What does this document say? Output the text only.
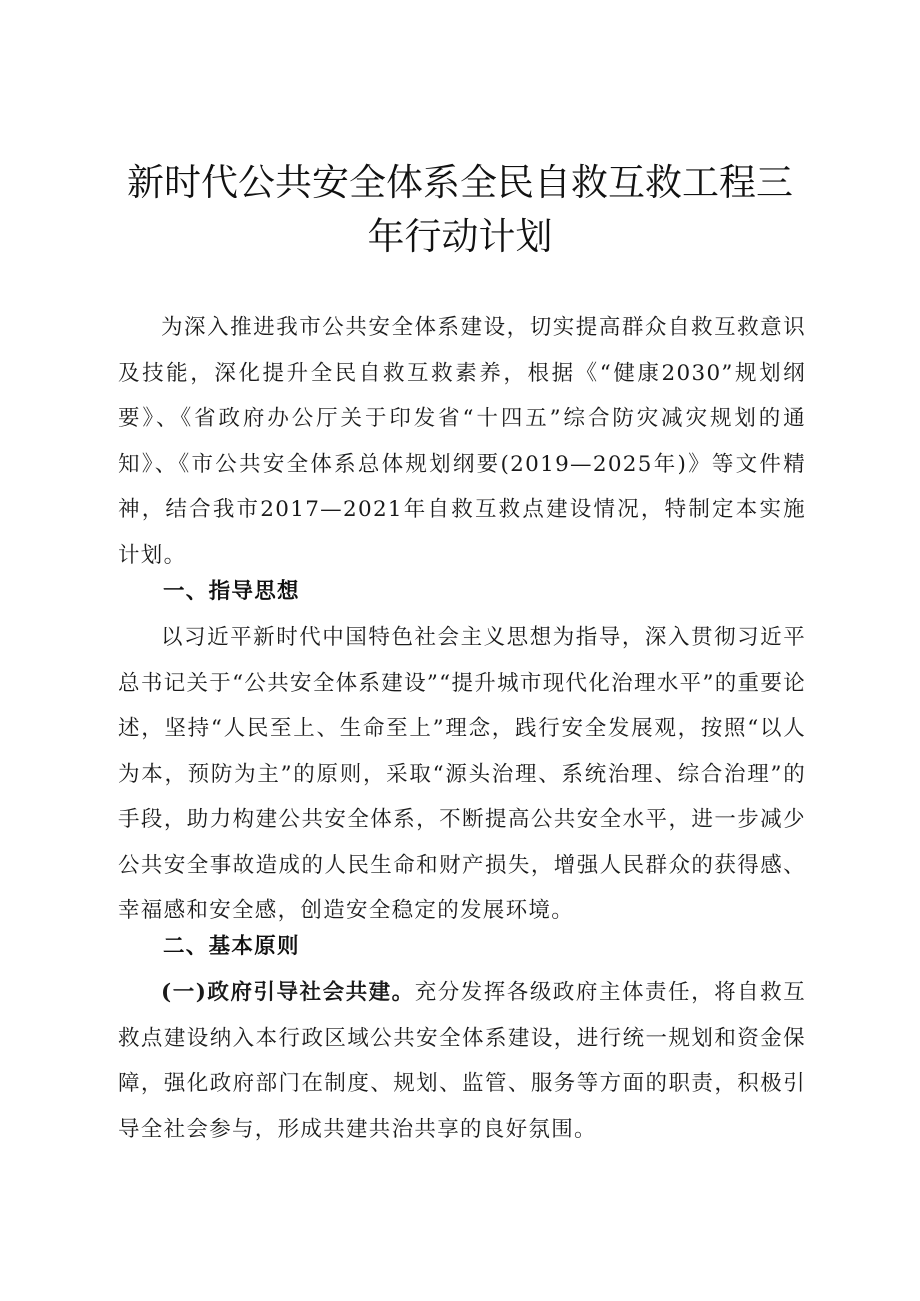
新时代公共安全体系全民自救互救工程三年行动计划

为深入推进我市公共安全体系建设，切实提高群众自救互救意识及技能，深化提升全民自救互救素养，根据《“健康2030”规划纲要》、《省政府办公厅关于印发省“十四五”综合防灾减灾规划的通知》、《市公共安全体系总体规划纲要(2019—2025年)》等文件精神，结合我市2017—2021年自救互救点建设情况，特制定本实施计划。

一、指导思想

以习近平新时代中国特色社会主义思想为指导，深入贯彻习近平总书记关于“公共安全体系建设”“提升城市现代化治理水平”的重要论述，坚持“人民至上、生命至上”理念，践行安全发展观，按照“以人为本，预防为主”的原则，采取“源头治理、系统治理、综合治理”的手段，助力构建公共安全体系，不断提高公共安全水平，进一步减少公共安全事故造成的人民生命和财产损失，增强人民群众的获得感、幸福感和安全感，创造安全稳定的发展环境。

二、基本原则

(一)政府引导社会共建。充分发挥各级政府主体责任，将自救互救点建设纳入本行政区域公共安全体系建设，进行统一规划和资金保障，强化政府部门在制度、规划、监管、服务等方面的职责，积极引导全社会参与，形成共建共治共享的良好氛围。
